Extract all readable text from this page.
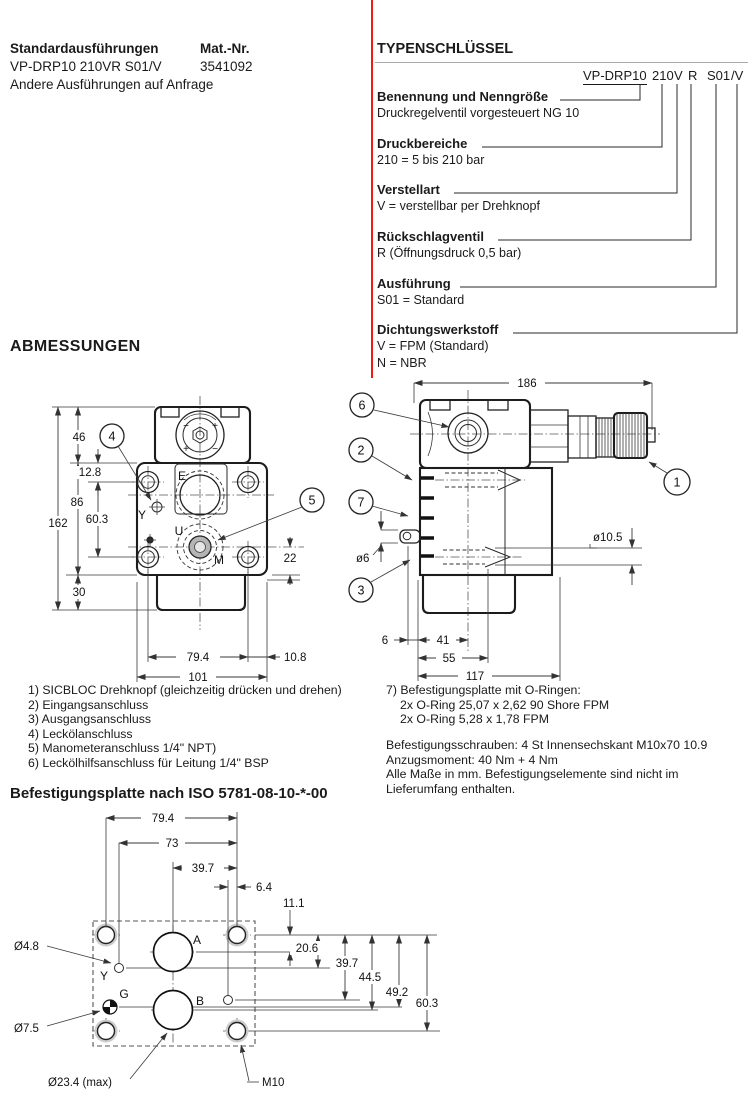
Standardausführungen	Mat.-Nr.
VP-DRP10 210VR S01/V	3541092
Andere Ausführungen auf Anfrage
TYPENSCHLÜSSEL
VP-DRP10 210 V R S01 /V
Benennung und Nenngröße
Druckregelventil vorgesteuert NG 10
Druckbereiche
210 = 5 bis 210 bar
Verstellart
V = verstellbar per Drehknopf
Rückschlagventil
R (Öffnungsdruck 0,5 bar)
Ausführung
S01 = Standard
Dichtungswerkstoff
V = FPM (Standard)
N = NBR
ABMESSUNGEN
− +
+ −
E
U
M
Y
4
5
162
46
86
30
12.8
60.3
79.4	10.8
101
22
186
1
ø10.5
ø6
6
2
7
3
6	41
55
117
1) SICBLOC Drehknopf (gleichzeitig drücken und drehen)
2) Eingangsanschluss
3) Ausgangsanschluss
4) Leckölanschluss
5) Manometeranschluss 1/4" NPT)
6) Leckölhilfsanschluss für Leitung 1/4" BSP
7) Befestigungsplatte mit O-Ringen:
2x O-Ring 25,07 x 2,62 90 Shore FPM
2x O-Ring 5,28 x 1,78 FPM
Befestigungsschrauben: 4 St Innensechskant M10x70 10.9
Anzugsmoment: 40 Nm + 4 Nm
Alle Maße in mm. Befestigungselemente sind nicht im
Lieferumfang enthalten.
Befestigungsplatte nach ISO 5781-08-10-*-00
A
B
Y
G
79.4
73
39.7
6.4
11.1
20.6
39.7
44.5
49.2
60.3
Ø4.8
Ø7.5
Ø23.4 (max)	M10
